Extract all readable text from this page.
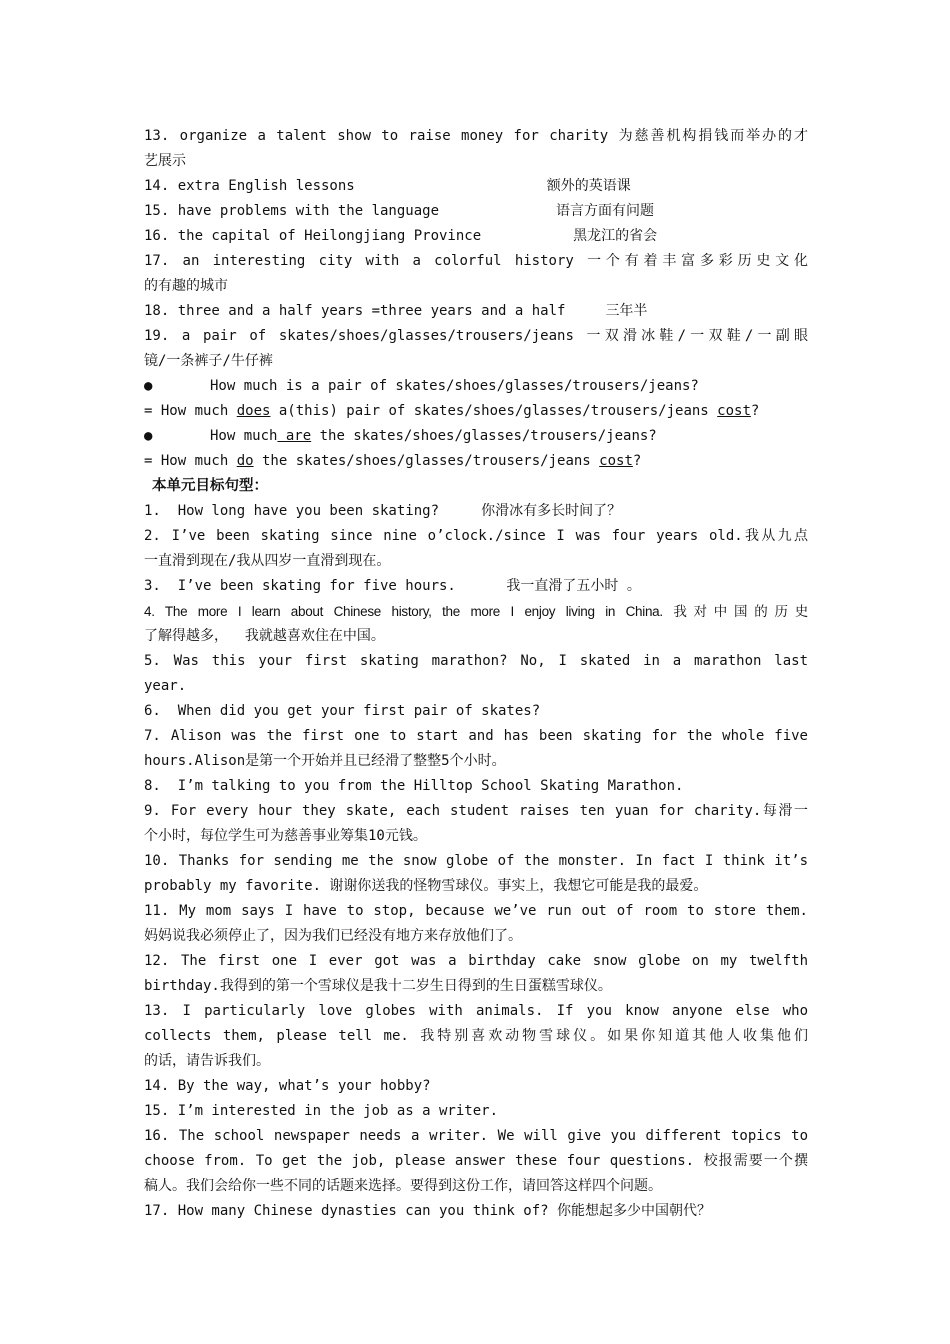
13. organize a talent show to raise money for charity 为慈善机构捐钱而举办的才
艺展示
14. extra English lessons	额外的英语课
15. have problems with the language	语言方面有问题
16. the capital of Heilongjiang Province	黑龙江的省会
17. an interesting city with a colorful history 一个有着丰富多彩历史文化
的有趣的城市
18. three and a half years =three years and a half	三年半
19. a pair of skates/shoes/glasses/trousers/jeans 一双滑冰鞋/一双鞋/一副眼
镜/一条裤子/牛仔裤
●	How much is a pair of skates/shoes/glasses/trousers/jeans?
= How much does a(this) pair of skates/shoes/glasses/trousers/jeans cost?
●	How much are the skates/shoes/glasses/trousers/jeans?
= How much do the skates/shoes/glasses/trousers/jeans cost?
本单元目标句型：
1.  How long have you been skating?     你滑冰有多长时间了？
2. I’ve been skating since nine o’clock./since I was four years old.我从九点
一直滑到现在/我从四岁一直滑到现在。
3.  I’ve been skating for five hours.      我一直滑了五小时 。
4. The more I learn about Chinese history, the more I enjoy living in China. 我对中国的历史
了解得越多，  我就越喜欢住在中国。
5. Was this your first skating marathon? No, I skated in a marathon last
year.
6.  When did you get your first pair of skates?
7. Alison was the first one to start and has been skating for the whole five
hours.Alison是第一个开始并且已经滑了整整5个小时。
8.  I’m talking to you from the Hilltop School Skating Marathon.
9. For every hour they skate, each student raises ten yuan for charity.每滑一
个小时，每位学生可为慈善事业筹集10元钱。
10. Thanks for sending me the snow globe of the monster. In fact I think it’s
probably my favorite. 谢谢你送我的怪物雪球仪。事实上，我想它可能是我的最爱。
11. My mom says I have to stop, because we’ve run out of room to store them.
妈妈说我必须停止了，因为我们已经没有地方来存放他们了。
12. The first one I ever got was a birthday cake snow globe on my twelfth
birthday.我得到的第一个雪球仪是我十二岁生日得到的生日蛋糕雪球仪。
13. I particularly love globes with animals. If you know anyone else who
collects them, please tell me. 我特别喜欢动物雪球仪。如果你知道其他人收集他们
的话，请告诉我们。
14. By the way, what’s your hobby?
15. I’m interested in the job as a writer.
16. The school newspaper needs a writer. We will give you different topics to
choose from. To get the job, please answer these four questions. 校报需要一个撰
稿人。我们会给你一些不同的话题来选择。要得到这份工作，请回答这样四个问题。
17. How many Chinese dynasties can you think of? 你能想起多少中国朝代？
